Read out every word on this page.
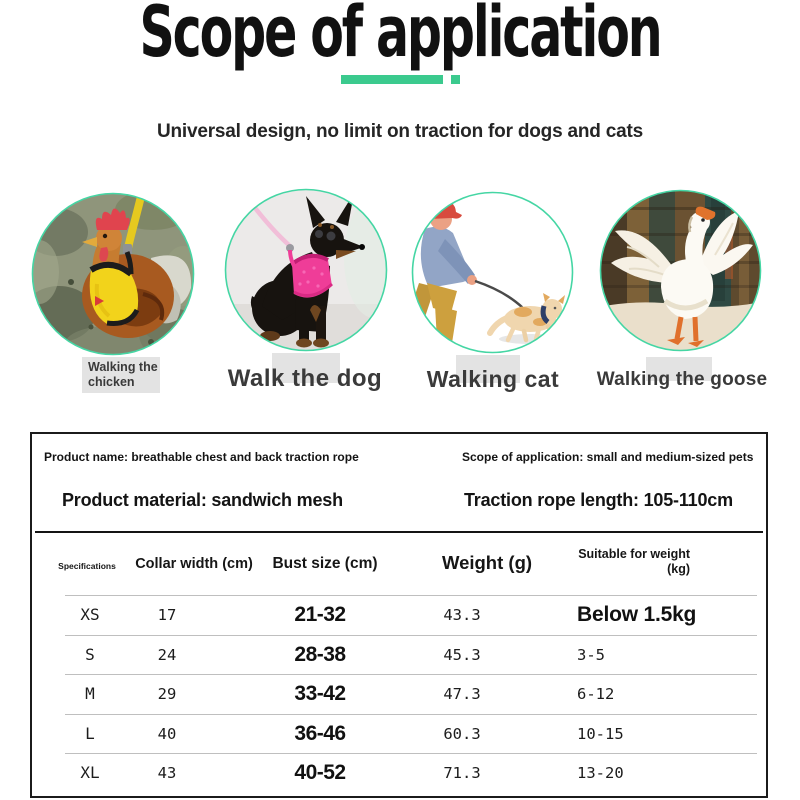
Scope of application
Universal design, no limit on traction for dogs and cats
Walking the chicken	Walk the dog	Walking cat	Walking the goose
Product name: breathable chest and back traction rope	Scope of application: small and medium-sized pets
Product material: sandwich mesh	Traction rope length: 105-110cm
Specifications	Collar width (cm)	Bust size (cm)	Weight (g)	Suitable for weight
(kg)
XS	17	21-32	43.3	Below 1.5kg
S	24	28-38	45.3	3-5
M	29	33-42	47.3	6-12
L	40	36-46	60.3	10-15
XL	43	40-52	71.3	13-20
